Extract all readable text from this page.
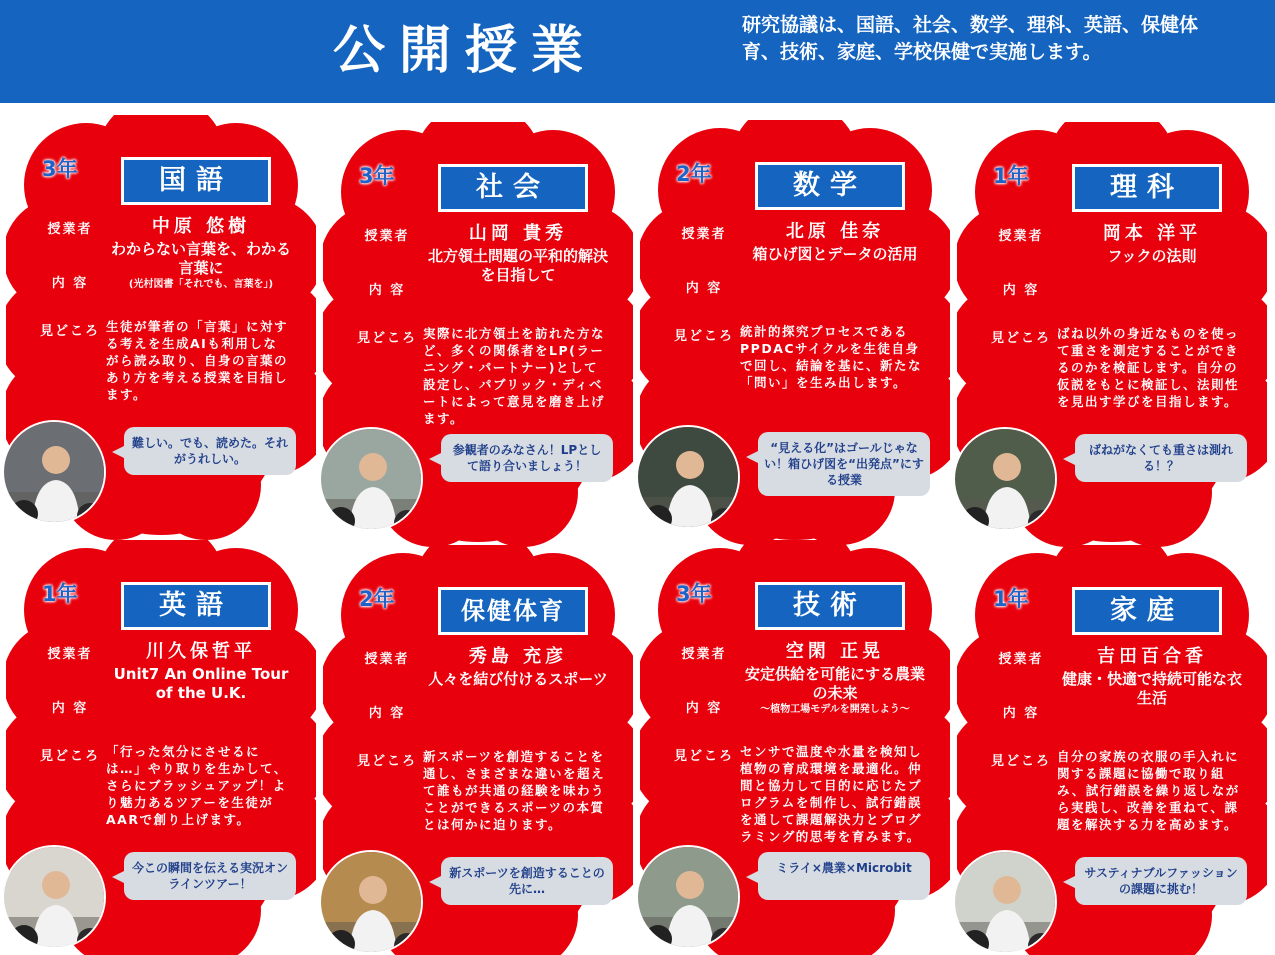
公開授業	研究協議は、国語、社会、数学、理科、英語、保健体育、技術、家庭、学校保健で実施します。
3年	国語
授業者	中原 悠樹
内 容
わからない言葉を、わかる言葉に
(光村図書「それでも、言葉を」)
見どころ 生徒が筆者の「言葉」に対する考えを生成AIも利用しながら読み取り、自身の言葉のあり方を考える授業を目指します。
難しい。でも、読めた。それがうれしい。
3年	社会
授業者	山岡 貴秀
内 容
北方領土問題の平和的解決を目指して
見どころ 実際に北方領土を訪れた方など、多くの関係者をLP(ラーニング・パートナー)として設定し、パブリック・ディベートによって意見を磨き上げます。
参観者のみなさん！LPとして語り合いましょう！
2年	数学
授業者	北原 佳奈
内 容
箱ひげ図とデータの活用
見どころ 統計的探究プロセスであるPPDACサイクルを生徒自身で回し、結論を基に、新たな「問い」を生み出します。
“見える化”はゴールじゃない！箱ひげ図を“出発点”にする授業
1年	理科
授業者	岡本 洋平
内 容
フックの法則
見どころ ばね以外の身近なものを使って重さを測定することができるのかを検証します。自分の仮説をもとに検証し、法則性を見出す学びを目指します。
ばねがなくても重さは測れる！？
1年	英語
授業者	川久保哲平
内 容
Unit7 An Online Tour of the U.K.
見どころ 「行った気分にさせるには…」やり取りを生かして、さらにブラッシュアップ！より魅力あるツアーを生徒がAARで創り上げます。
今この瞬間を伝える実況オンラインツアー！
2年	保健体育
授業者	秀島 充彦
内 容
人々を結び付けるスポーツ
見どころ 新スポーツを創造することを通し、さまざまな違いを超えて誰もが共通の経験を味わうことができるスポーツの本質とは何かに迫ります。
新スポーツを創造することの先に…
3年	技術
授業者	空閑 正晃
内 容
安定供給を可能にする農業の未来
〜植物工場モデルを開発しよう〜
見どころ センサで温度や水量を検知し植物の育成環境を最適化。仲間と協力して目的に応じたプログラムを制作し、試行錯誤を通して課題解決力とプログラミング的思考を育みます。
ミライ×農業×Microbit
1年	家庭
授業者	吉田百合香
内 容
健康・快適で持続可能な衣生活
見どころ 自分の家族の衣服の手入れに関する課題に協働で取り組み、試行錯誤を繰り返しながら実践し、改善を重ねて、課題を解決する力を高めます。
サスティナブルファッションの課題に挑む！
